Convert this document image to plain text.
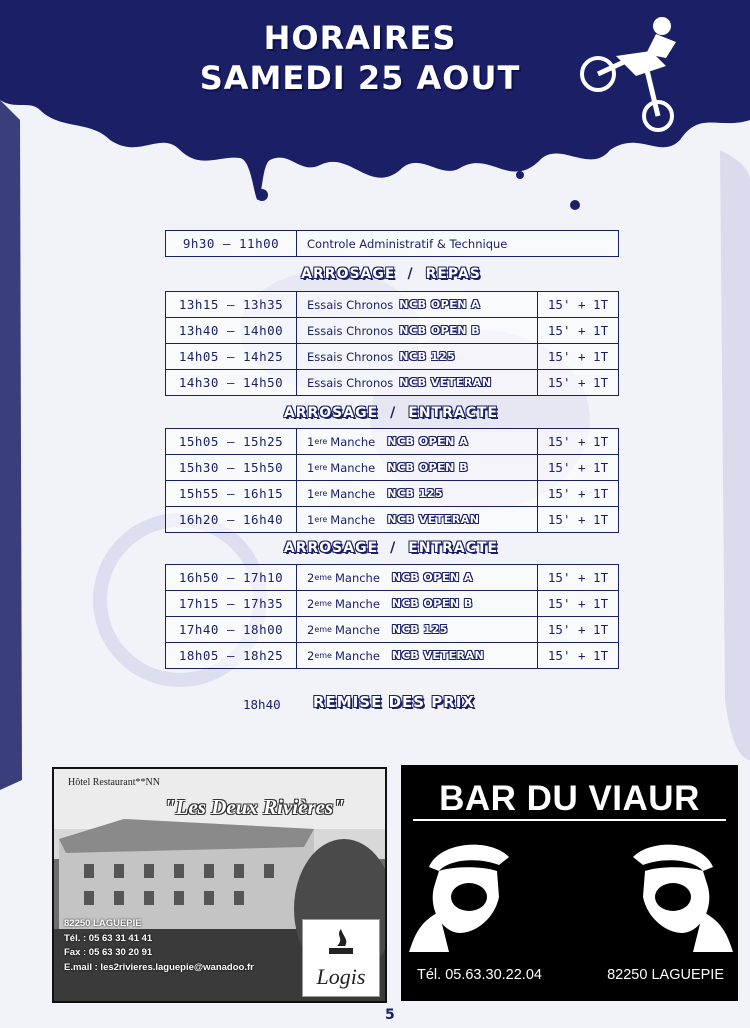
HORAIRES
SAMEDI 25 AOUT
9h30 – 11h00	Controle Administratif & Technique
ARROSAGE / REPAS
13h15 – 13h35	Essais Chronos NCB OPEN A	15' + 1T
13h40 – 14h00	Essais Chronos NCB OPEN B	15' + 1T
14h05 – 14h25	Essais Chronos NCB 125	15' + 1T
14h30 – 14h50	Essais Chronos NCB VETERAN	15' + 1T
ARROSAGE / ENTRACTE
15h05 – 15h25	1 ere Manche NCB OPEN A	15' + 1T
15h30 – 15h50	1 ere Manche NCB OPEN B	15' + 1T
15h55 – 16h15	1 ere Manche NCB 125	15' + 1T
16h20 – 16h40	1 ere Manche NCB VETERAN	15' + 1T
ARROSAGE / ENTRACTE
16h50 – 17h10	2 eme Manche NCB OPEN A	15' + 1T
17h15 – 17h35	2 eme Manche NCB OPEN B	15' + 1T
17h40 – 18h00	2 eme Manche NCB 125	15' + 1T
18h05 – 18h25	2 eme Manche NCB VETERAN	15' + 1T
18h40 REMISE DES PRIX
Hôtel Restaurant**NN
"Les Deux Rivières"
82250 LAGUEPIE
Tél. : 05 63 31 41 41
Fax : 05 63 30 20 91
E.mail : les2rivieres.laguepie@wanadoo.fr	Logis
BAR DU VIAUR
Tél. 05.63.30.22.04	82250 LAGUEPIE
5
